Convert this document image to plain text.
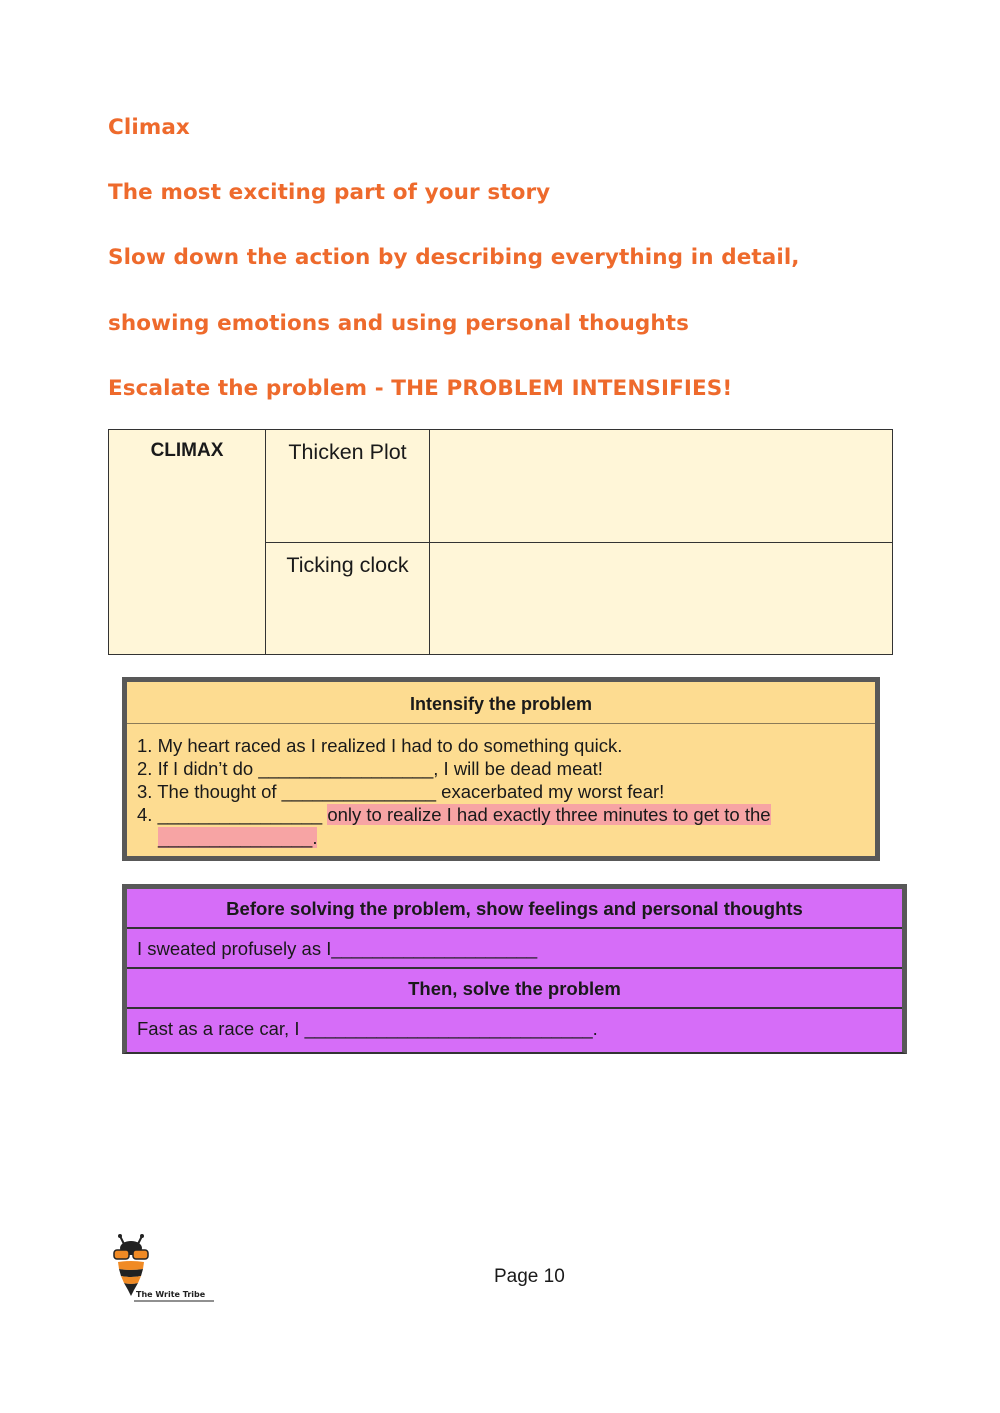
Climax
The most exciting part of your story
Slow down the action by describing everything in detail,
showing emotions and using personal thoughts
Escalate the problem - THE PROBLEM INTENSIFIES!
CLIMAX	Thicken Plot	

	Ticking clock	

Intensify the problem
1. My heart raced as I realized I had to do something quick.
2. If I didn’t do _________________, I will be dead meat!
3. The thought of _______________ exacerbated my worst fear!
4. ________________ only to realize I had exactly three minutes to get to the
_______________.
Before solving the problem, show feelings and personal thoughts
I sweated profusely as I____________________
Then, solve the problem
Fast as a race car, I ____________________________.
The Write Tribe
Page 10
